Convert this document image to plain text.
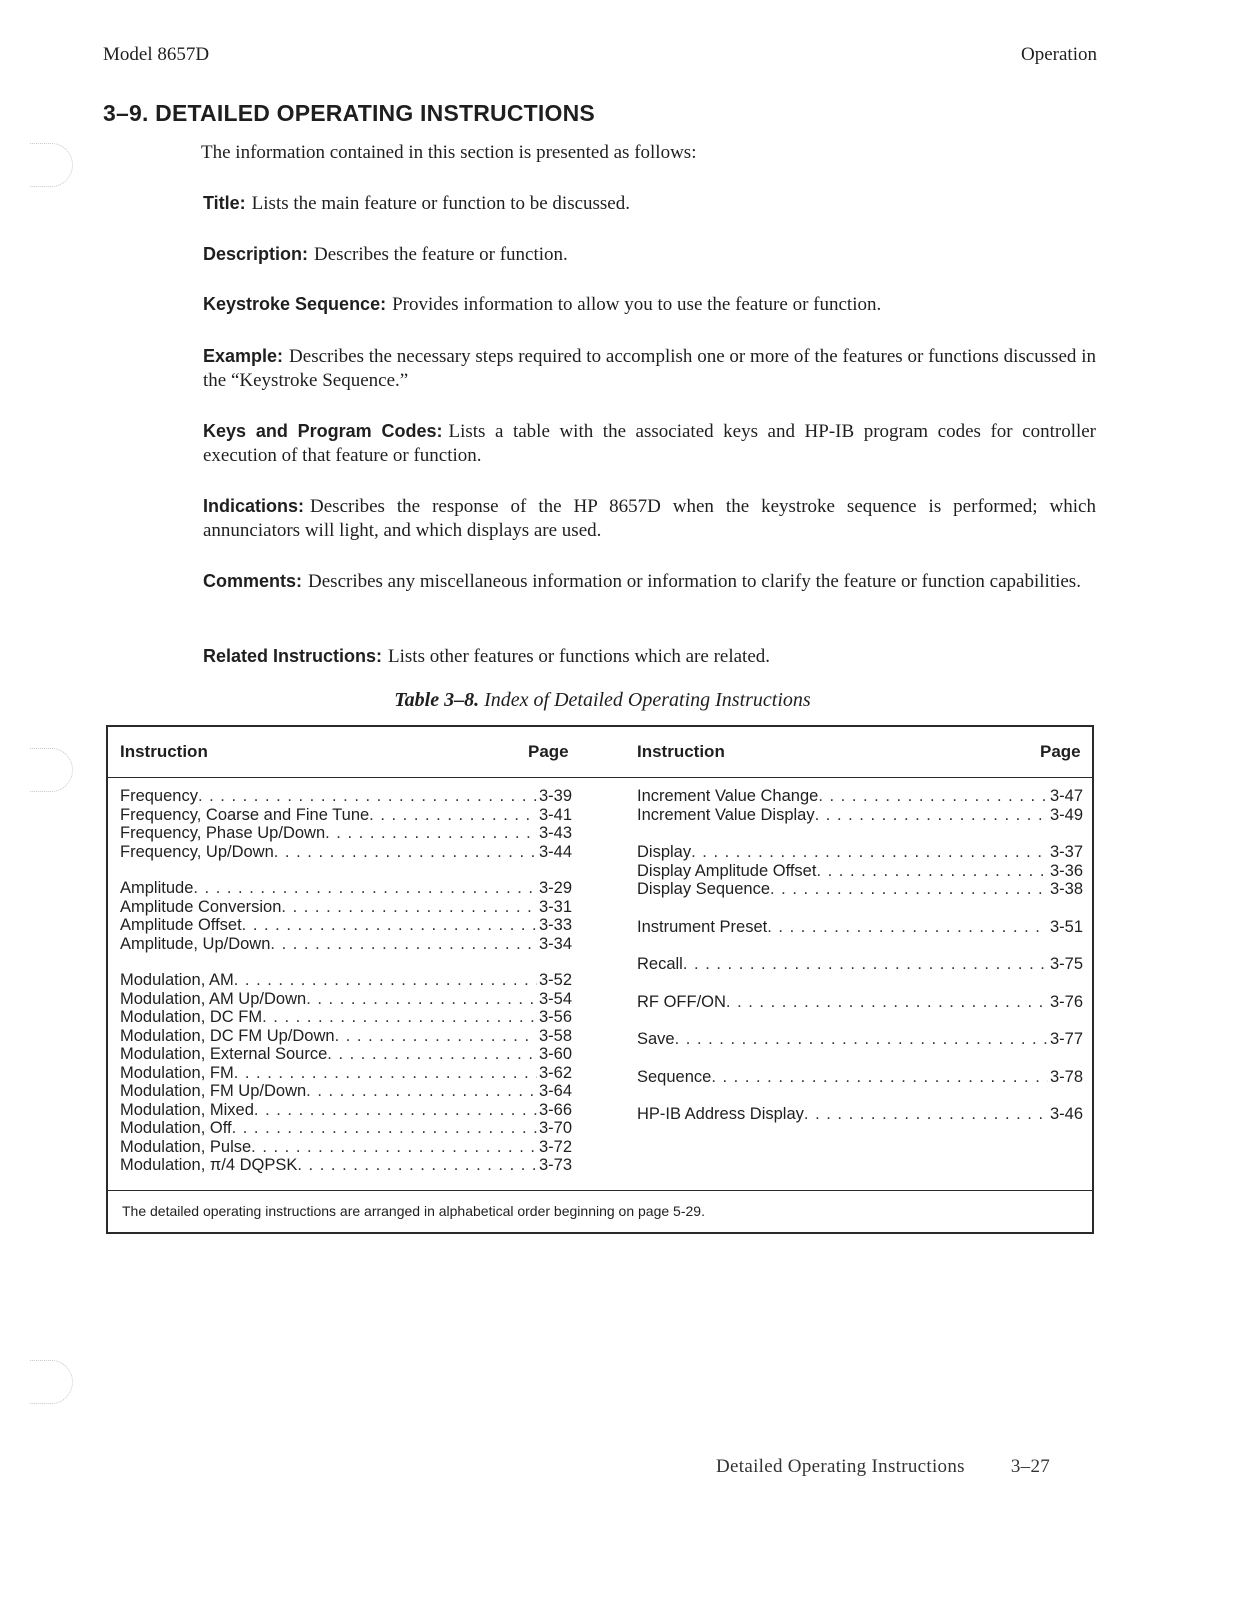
Model 8657D	Operation
3–9. DETAILED OPERATING INSTRUCTIONS

The information contained in this section is presented as follows:

Title: Lists the main feature or function to be discussed.

Description: Describes the feature or function.

Keystroke Sequence: Provides information to allow you to use the feature or function.

Example: Describes the necessary steps required to accomplish one or more of the features or functions discussed in the “Keystroke Sequence.”

Keys and Program Codes: Lists a table with the associated keys and HP-IB program codes for controller execution of that feature or function.

Indications: Describes the response of the HP 8657D when the keystroke sequence is performed; which annunciators will light, and which displays are used.

Comments: Describes any miscellaneous information or information to clarify the feature or function capabilities.

Related Instructions: Lists other features or functions which are related.

Table 3–8. Index of Detailed Operating Instructions

Instruction	Page	Instruction	Page
Frequency . . .	3-39
Frequency, Coarse and Fine Tune . . .	3-41
Frequency, Phase Up/Down . . .	3-43
Frequency, Up/Down . . .	3-44
Amplitude . . .	3-29
Amplitude Conversion . . .	3-31
Amplitude Offset . . .	3-33
Amplitude, Up/Down . . .	3-34
Modulation, AM . . .	3-52
Modulation, AM Up/Down . . .	3-54
Modulation, DC FM . . .	3-56
Modulation, DC FM Up/Down . . .	3-58
Modulation, External Source . . .	3-60
Modulation, FM . . .	3-62
Modulation, FM Up/Down . . .	3-64
Modulation, Mixed . . .	3-66
Modulation, Off . . .	3-70
Modulation, Pulse . . .	3-72
Modulation, π/4 DQPSK . . .	3-73
Increment Value Change . . .	3-47
Increment Value Display . . .	3-49
Display . . .	3-37
Display Amplitude Offset . . .	3-36
Display Sequence . . .	3-38
Instrument Preset . . .	3-51
Recall . . .	3-75
RF OFF/ON . . .	3-76
Save . . .	3-77
Sequence . . .	3-78
HP-IB Address Display . . .	3-46
The detailed operating instructions are arranged in alphabetical order beginning on page 5-29.
Detailed Operating Instructions 3–27
